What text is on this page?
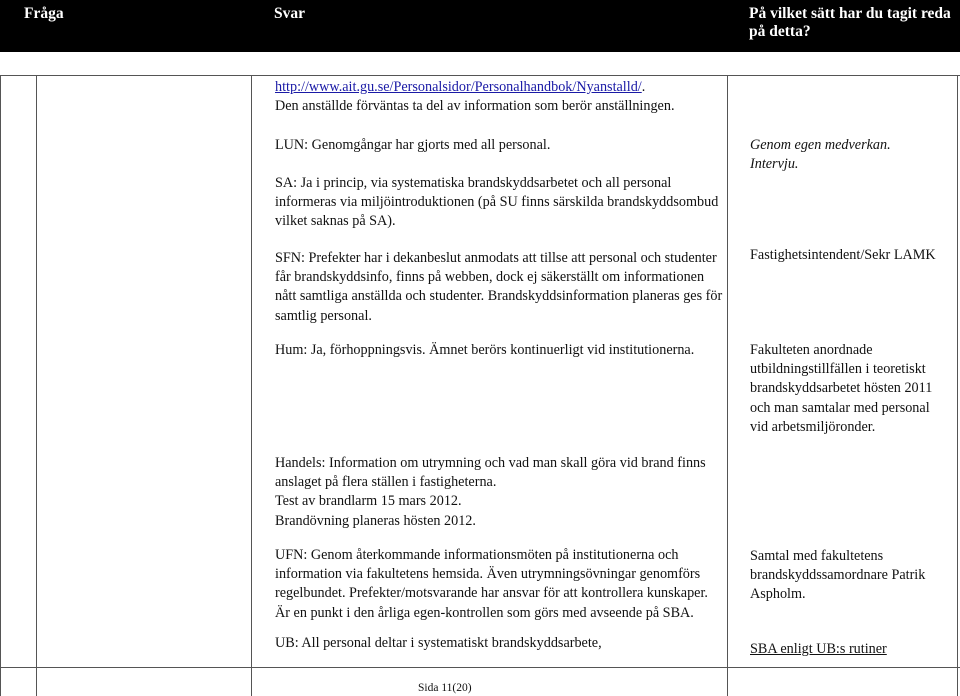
Fråga	Svar	På vilket sätt har du tagit reda
på detta?
http://www.ait.gu.se/Personalsidor/Personalhandbok/Nyanstalld/.
Den anställde förväntas ta del av information som berör anställningen.
LUN: Genomgångar har gjorts med all personal.
SA: Ja i princip, via systematiska brandskyddsarbetet och all personal
informeras via miljöintroduktionen (på SU finns särskilda brandskyddsombud
vilket saknas på SA).
SFN: Prefekter har i dekanbeslut anmodats att tillse att personal och studenter
får brandskyddsinfo, finns på webben, dock ej säkerställt om informationen
nått samtliga anställda och studenter. Brandskyddsinformation planeras ges för
samtlig personal.
Hum: Ja, förhoppningsvis. Ämnet berörs kontinuerligt vid institutionerna.
Handels: Information om utrymning och vad man skall göra vid brand finns
anslaget på flera ställen i fastigheterna.
Test av brandlarm 15 mars 2012.
Brandövning planeras hösten 2012.
UFN: Genom återkommande informationsmöten på institutionerna och
information via fakultetens hemsida. Även utrymningsövningar genomförs
regelbundet. Prefekter/motsvarande har ansvar för att kontrollera kunskaper.
Är en punkt i den årliga egen-kontrollen som görs med avseende på SBA.
UB: All personal deltar i systematiskt brandskyddsarbete,
Genom egen medverkan.
Intervju.
Fastighetsintendent/Sekr LAMK
Fakulteten anordnade
utbildningstillfällen i teoretiskt
brandskyddsarbetet hösten 2011
och man samtalar med personal
vid arbetsmiljöronder.
Samtal med fakultetens
brandskyddssamordnare Patrik
Aspholm.
SBA enligt UB:s rutiner
Sida 11(20)
